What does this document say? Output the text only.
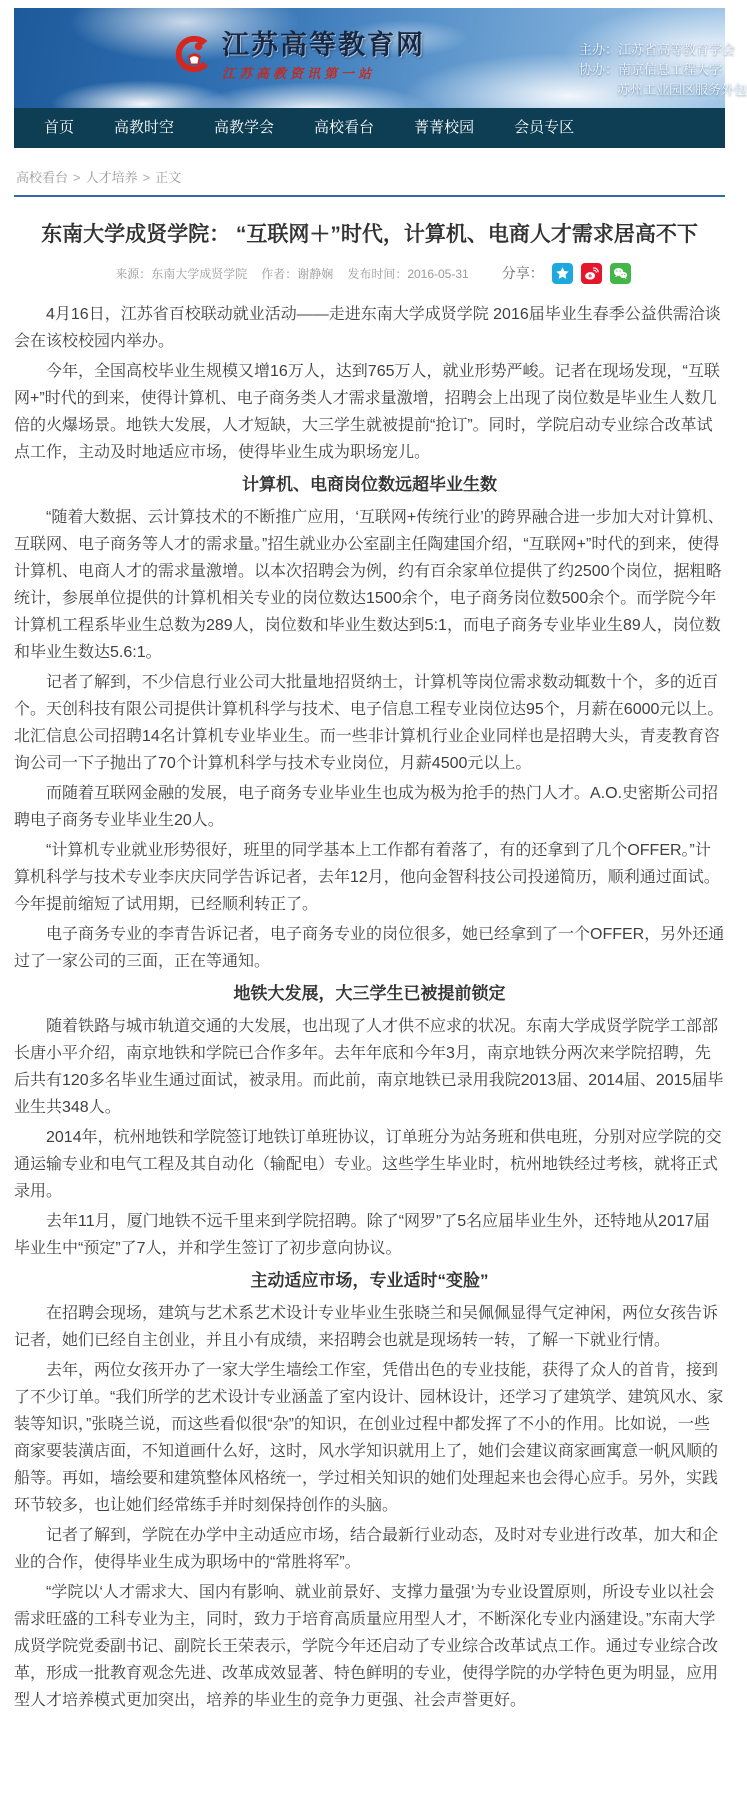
江苏高等教育网
江苏高教资讯第一站
主办：江苏省高等教育学会
协办：南京信息工程大学
苏州工业园区服务外包
首页	高教时空	高教学会	高校看台	菁菁校园	会员专区
高校看台 > 人才培养 > 正文
东南大学成贤学院： “互联网＋”时代，计算机、电商人才需求居高不下
来源：东南大学成贤学院 作者：谢静娴 发布时间：2016-05-31 分享：

4月16日，江苏省百校联动就业活动——走进东南大学成贤学院 2016届毕业生春季公益供需洽谈会在该校校园内举办。

今年，全国高校毕业生规模又增16万人，达到765万人，就业形势严峻。记者在现场发现，“互联网+”时代的到来，使得计算机、电子商务类人才需求量激增，招聘会上出现了岗位数是毕业生人数几倍的火爆场景。地铁大发展，人才短缺，大三学生就被提前“抢订”。同时，学院启动专业综合改革试点工作，主动及时地适应市场，使得毕业生成为职场宠儿。

计算机、电商岗位数远超毕业生数

“随着大数据、云计算技术的不断推广应用，‘互联网+传统行业’的跨界融合进一步加大对计算机、互联网、电子商务等人才的需求量。”招生就业办公室副主任陶建国介绍，“互联网+”时代的到来，使得计算机、电商人才的需求量激增。以本次招聘会为例，约有百余家单位提供了约2500个岗位，据粗略统计，参展单位提供的计算机相关专业的岗位数达1500余个，电子商务岗位数500余个。而学院今年计算机工程系毕业生总数为289人，岗位数和毕业生数达到5:1，而电子商务专业毕业生89人，岗位数和毕业生数达5.6:1。

记者了解到，不少信息行业公司大批量地招贤纳士，计算机等岗位需求数动辄数十个，多的近百个。天创科技有限公司提供计算机科学与技术、电子信息工程专业岗位达95个，月薪在6000元以上。北汇信息公司招聘14名计算机专业毕业生。而一些非计算机行业企业同样也是招聘大头，青麦教育咨询公司一下子抛出了70个计算机科学与技术专业岗位，月薪4500元以上。

而随着互联网金融的发展，电子商务专业毕业生也成为极为抢手的热门人才。A.O.史密斯公司招聘电子商务专业毕业生20人。

“计算机专业就业形势很好，班里的同学基本上工作都有着落了，有的还拿到了几个OFFER。”计算机科学与技术专业李庆庆同学告诉记者，去年12月，他向金智科技公司投递简历，顺利通过面试。今年提前缩短了试用期，已经顺利转正了。

电子商务专业的李青告诉记者，电子商务专业的岗位很多，她已经拿到了一个OFFER，另外还通过了一家公司的三面，正在等通知。

地铁大发展，大三学生已被提前锁定

随着铁路与城市轨道交通的大发展，也出现了人才供不应求的状况。东南大学成贤学院学工部部长唐小平介绍，南京地铁和学院已合作多年。去年年底和今年3月，南京地铁分两次来学院招聘，先后共有120多名毕业生通过面试，被录用。而此前，南京地铁已录用我院2013届、2014届、2015届毕业生共348人。

2014年，杭州地铁和学院签订地铁订单班协议，订单班分为站务班和供电班，分别对应学院的交通运输专业和电气工程及其自动化（输配电）专业。这些学生毕业时，杭州地铁经过考核，就将正式录用。

去年11月，厦门地铁不远千里来到学院招聘。除了“网罗”了5名应届毕业生外，还特地从2017届毕业生中“预定”了7人，并和学生签订了初步意向协议。

主动适应市场，专业适时“变脸”

在招聘会现场，建筑与艺术系艺术设计专业毕业生张晓兰和吴佩佩显得气定神闲，两位女孩告诉记者，她们已经自主创业，并且小有成绩，来招聘会也就是现场转一转，了解一下就业行情。

去年，两位女孩开办了一家大学生墙绘工作室，凭借出色的专业技能，获得了众人的首肯，接到了不少订单。“我们所学的艺术设计专业涵盖了室内设计、园林设计，还学习了建筑学、建筑风水、家装等知识，”张晓兰说，而这些看似很“杂”的知识，在创业过程中都发挥了不小的作用。比如说，一些商家要装潢店面，不知道画什么好，这时，风水学知识就用上了，她们会建议商家画寓意一帆风顺的船等。再如，墙绘要和建筑整体风格统一，学过相关知识的她们处理起来也会得心应手。另外，实践环节较多，也让她们经常练手并时刻保持创作的头脑。

记者了解到，学院在办学中主动适应市场，结合最新行业动态，及时对专业进行改革，加大和企业的合作，使得毕业生成为职场中的“常胜将军”。

“学院以‘人才需求大、国内有影响、就业前景好、支撑力量强’为专业设置原则，所设专业以社会需求旺盛的工科专业为主，同时，致力于培育高质量应用型人才，不断深化专业内涵建设。”东南大学成贤学院党委副书记、副院长王荣表示，学院今年还启动了专业综合改革试点工作。通过专业综合改革，形成一批教育观念先进、改革成效显著、特色鲜明的专业，使得学院的办学特色更为明显，应用型人才培养模式更加突出，培养的毕业生的竞争力更强、社会声誉更好。
